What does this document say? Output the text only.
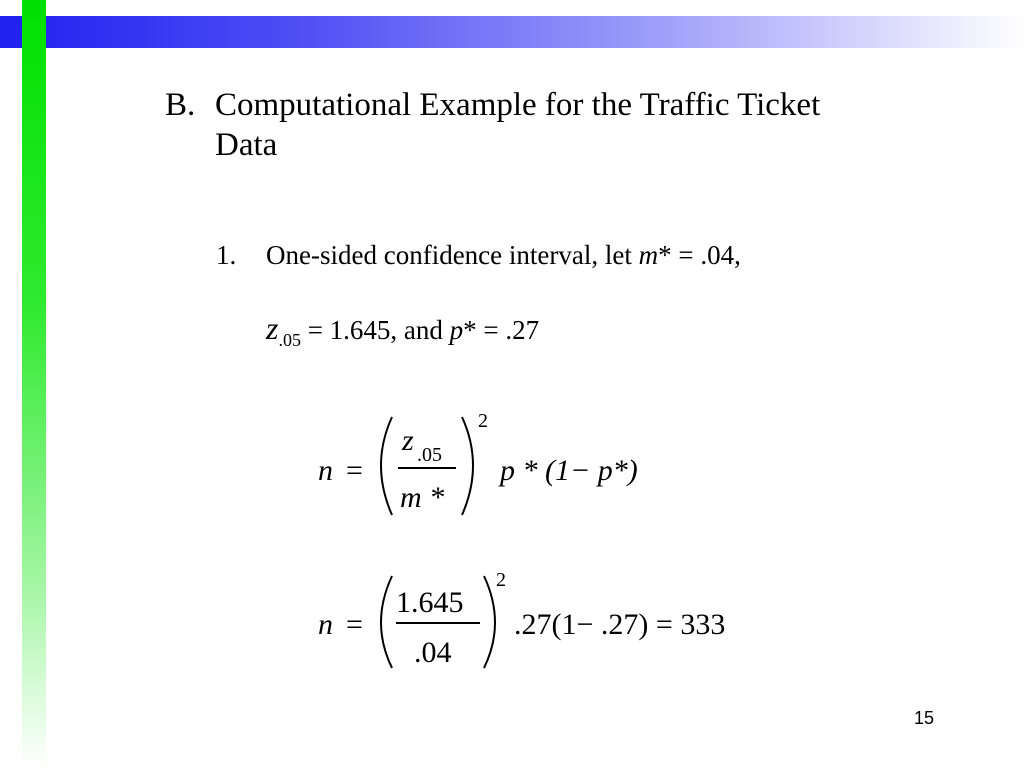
B. Computational Example for the Traffic Ticket Data
1. One-sided confidence interval, let m* = .04,
$z_{.05} = 1.645$, and p* = .27
n =
z .05
m *
2
p * (1− p*)
n =
1.645
.04
2
.27(1− .27) = 333
15
